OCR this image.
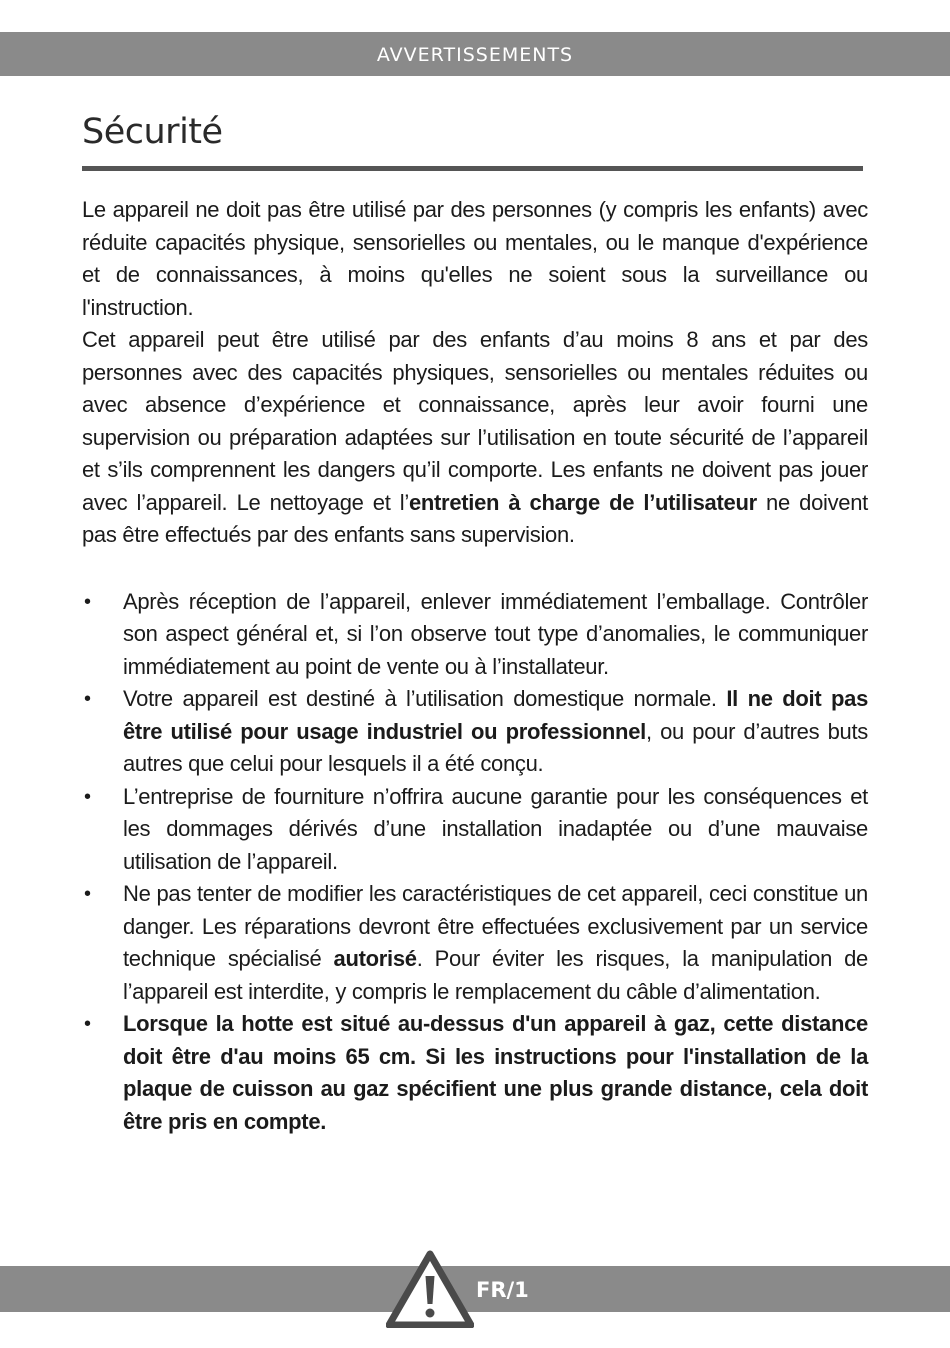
AVVERTISSEMENTS
Sécurité

Le appareil ne doit pas être utilisé par des personnes (y compris les enfants) avec réduite capacités physique, sensorielles ou mentales, ou le manque d'expérience et de connaissances, à moins qu'elles ne soient sous la surveillance ou l'instruction.

Cet appareil peut être utilisé par des enfants d’au moins 8 ans et par des personnes avec des capacités physiques, sensorielles ou mentales réduites ou avec absence d’expérience et connaissance, après leur avoir fourni une supervision ou préparation adaptées sur l’utilisation en toute sécurité de l’appareil et s’ils comprennent les dangers qu’il comporte. Les enfants ne doivent pas jouer avec l’appareil. Le nettoyage et l’entretien à charge de l’utilisateur ne doivent pas être effectués par des enfants sans supervision.

• Après réception de l’appareil, enlever immédiatement l’emballage. Contrôler son aspect général et, si l’on observe tout type d’anomalies, le communiquer immédiatement au point de vente ou à l’installateur.
• Votre appareil est destiné à l’utilisation domestique normale. Il ne doit pas être utilisé pour usage industriel ou professionnel, ou pour d’autres buts autres que celui pour lesquels il a été conçu.
• L’entreprise de fourniture n’offrira aucune garantie pour les conséquences et les dommages dérivés d’une installation inadaptée ou d’une mauvaise utilisation de l’appareil.
• Ne pas tenter de modifier les caractéristiques de cet appareil, ceci constitue un danger. Les réparations devront être effectuées exclusivement par un service technique spécialisé autorisé. Pour éviter les risques, la manipulation de l’appareil est interdite, y compris le remplacement du câble d’alimentation.
• Lorsque la hotte est situé au-dessus d'un appareil à gaz, cette distance doit être d'au moins 65 cm. Si les instructions pour l'installation de la plaque de cuisson au gaz spécifient une plus grande distance, cela doit être pris en compte.
FR/1
